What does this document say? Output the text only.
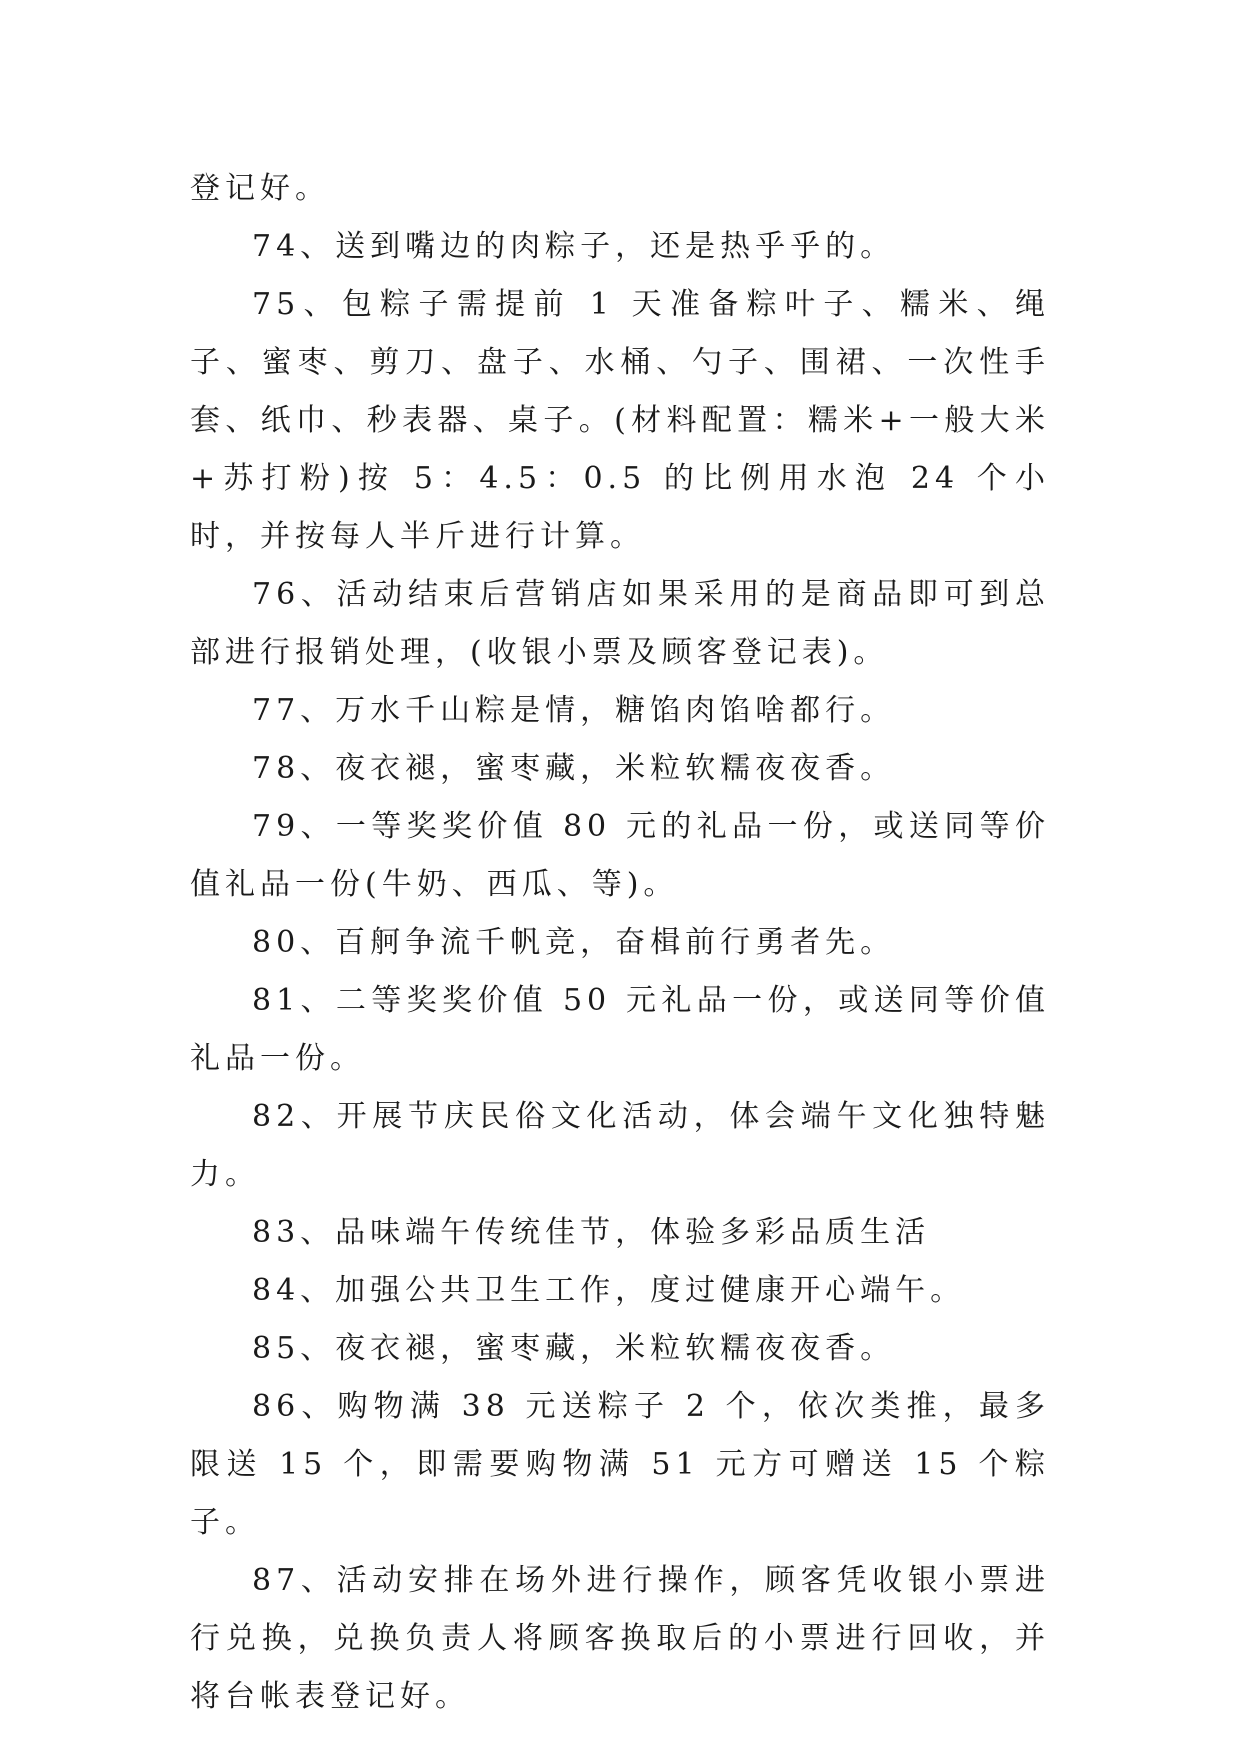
登记好。

74、送到嘴边的肉粽子，还是热乎乎的。

75、包粽子需提前 1 天准备粽叶子、糯米、绳子、蜜枣、剪刀、盘子、水桶、勺子、围裙、一次性手套、纸巾、秒表器、桌子。(材料配置：糯米+一般大米+苏打粉)按 5：4.5：0.5 的比例用水泡 24 个小时，并按每人半斤进行计算。

76、活动结束后营销店如果采用的是商品即可到总部进行报销处理，(收银小票及顾客登记表)。

77、万水千山粽是情，糖馅肉馅啥都行。

78、夜衣褪，蜜枣藏，米粒软糯夜夜香。

79、一等奖奖价值 80 元的礼品一份，或送同等价值礼品一份(牛奶、西瓜、等)。

80、百舸争流千帆竞，奋楫前行勇者先。

81、二等奖奖价值 50 元礼品一份，或送同等价值礼品一份。

82、开展节庆民俗文化活动，体会端午文化独特魅力。

83、品味端午传统佳节，体验多彩品质生活

84、加强公共卫生工作，度过健康开心端午。

85、夜衣褪，蜜枣藏，米粒软糯夜夜香。

86、购物满 38 元送粽子 2 个，依次类推，最多限送 15 个，即需要购物满 51 元方可赠送 15 个粽子。

87、活动安排在场外进行操作，顾客凭收银小票进行兑换，兑换负责人将顾客换取后的小票进行回收，并将台帐表登记好。
